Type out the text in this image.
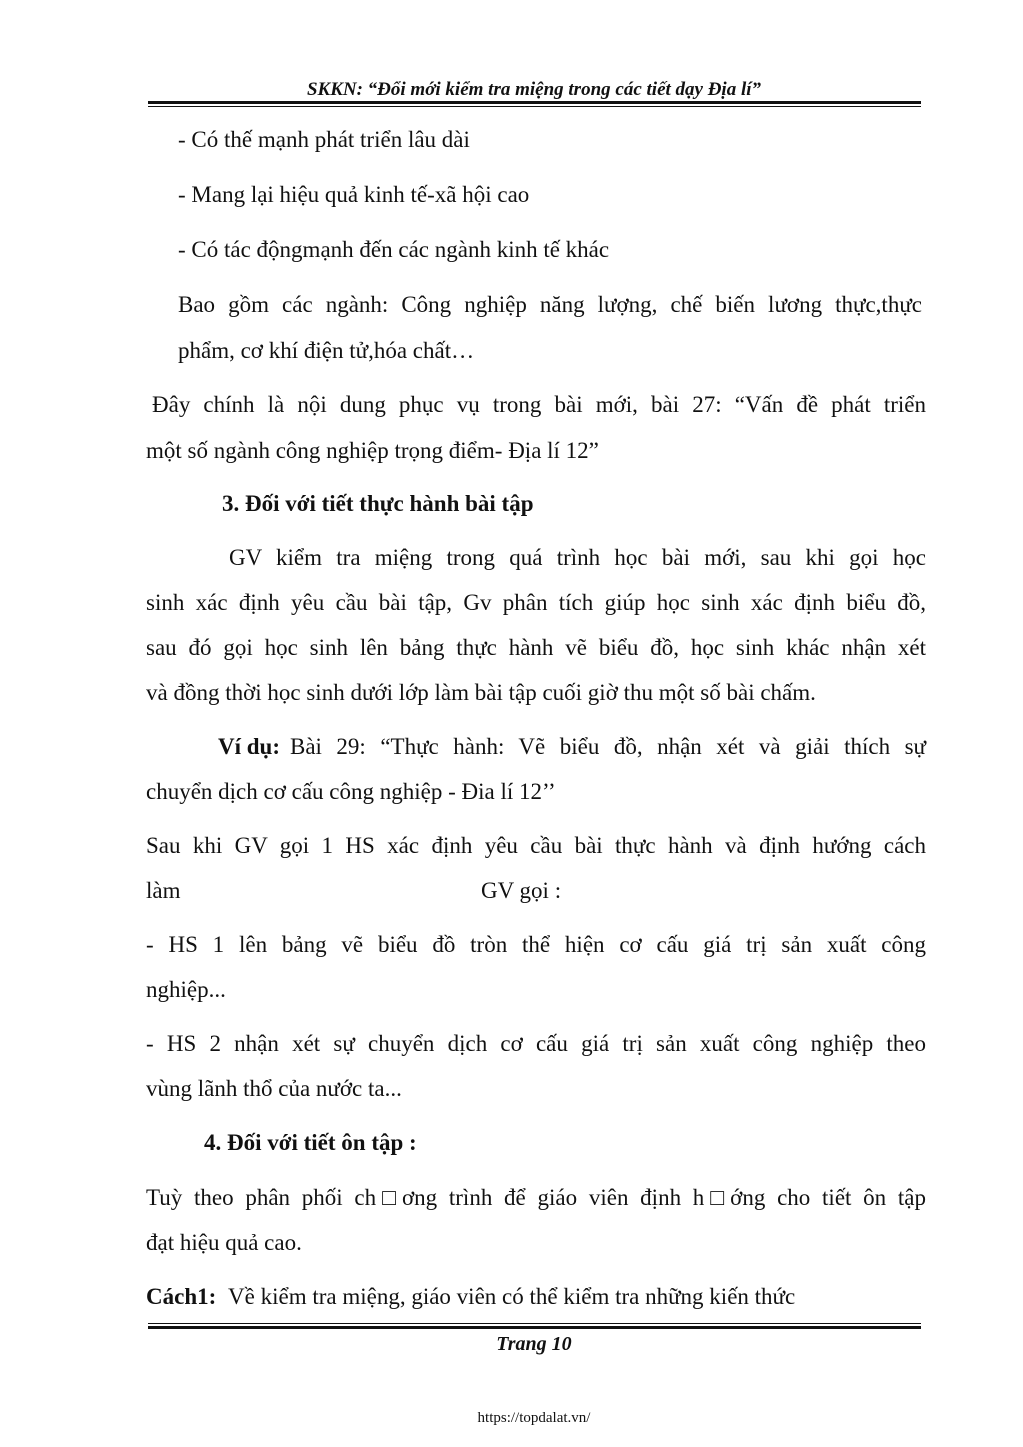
SKKN: “Đổi mới kiểm tra miệng trong các tiết dạy Địa lí”
- Có thế mạnh phát triển lâu dài
- Mang lại hiệu quả kinh tế-xã hội cao
- Có tác độngmạnh đến các ngành kinh tế khác
Bao gồm các ngành: Công nghiệp năng lượng, chế biến lương thực,thực
phẩm, cơ khí điện tử,hóa chất…
Đây chính là nội dung phục vụ trong bài mới, bài 27: “Vấn đề phát triển
một số ngành công nghiệp trọng điểm- Địa lí 12”
3. Đối với tiết thực hành bài tập
GV kiểm tra miệng trong quá trình học bài mới, sau khi gọi học
sinh xác định yêu cầu bài tập, Gv phân tích giúp học sinh xác định biểu đồ,
sau đó gọi học sinh lên bảng thực hành vẽ biểu đồ, học sinh khác nhận xét
và đồng thời học sinh dưới lớp làm bài tập cuối giờ thu một số bài chấm.
Ví dụ: Bài 29: “Thực hành: Vẽ biểu đồ, nhận xét và giải thích sự
chuyển dịch cơ cấu công nghiệp - Đia lí 12’’
Sau khi GV gọi 1 HS xác định yêu cầu bài thực hành và định hướng cách
làm	GV gọi :
- HS 1 lên bảng vẽ biểu đồ tròn thể hiện cơ cấu giá trị sản xuất công
nghiệp...
- HS 2 nhận xét sự chuyển dịch cơ cấu giá trị sản xuất công nghiệp theo
vùng lãnh thổ của nước ta...
4. Đối với tiết ôn tập :
Tuỳ theo phân phối ch□ơng trình để giáo viên định h□ớng cho tiết ôn tập
đạt hiệu quả cao.
Cách1: Về kiểm tra miệng, giáo viên có thể kiểm tra những kiến thức
Trang 10
https://topdalat.vn/
